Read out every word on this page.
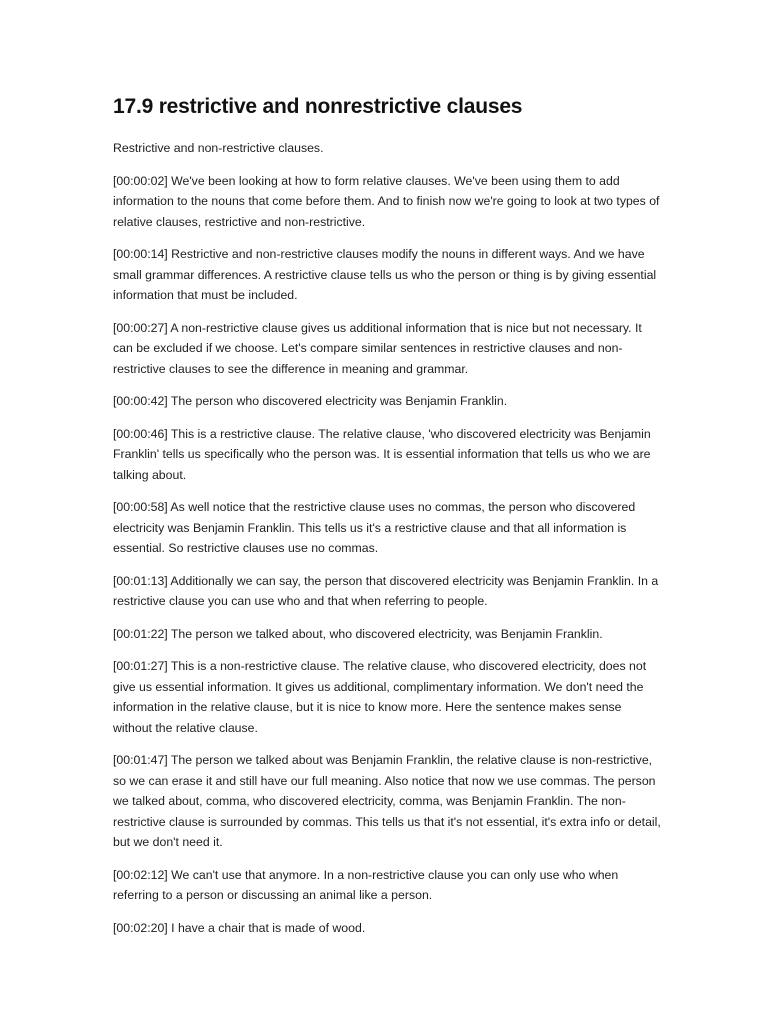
17.9 restrictive and nonrestrictive clauses

Restrictive and non-restrictive clauses.

[00:00:02] We've been looking at how to form relative clauses. We've been using them to add information to the nouns that come before them. And to finish now we're going to look at two types of relative clauses, restrictive and non-restrictive.

[00:00:14] Restrictive and non-restrictive clauses modify the nouns in different ways. And we have small grammar differences. A restrictive clause tells us who the person or thing is by giving essential information that must be included.

[00:00:27] A non-restrictive clause gives us additional information that is nice but not necessary. It can be excluded if we choose. Let's compare similar sentences in restrictive clauses and non-restrictive clauses to see the difference in meaning and grammar.

[00:00:42] The person who discovered electricity was Benjamin Franklin.

[00:00:46] This is a restrictive clause. The relative clause, 'who discovered electricity was Benjamin Franklin' tells us specifically who the person was. It is essential information that tells us who we are talking about.

[00:00:58] As well notice that the restrictive clause uses no commas, the person who discovered electricity was Benjamin Franklin. This tells us it's a restrictive clause and that all information is essential. So restrictive clauses use no commas.

[00:01:13] Additionally we can say, the person that discovered electricity was Benjamin Franklin. In a restrictive clause you can use who and that when referring to people.

[00:01:22] The person we talked about, who discovered electricity, was Benjamin Franklin.

[00:01:27] This is a non-restrictive clause. The relative clause, who discovered electricity, does not give us essential information. It gives us additional, complimentary information. We don't need the information in the relative clause, but it is nice to know more. Here the sentence makes sense without the relative clause.

[00:01:47] The person we talked about was Benjamin Franklin, the relative clause is non-restrictive, so we can erase it and still have our full meaning. Also notice that now we use commas. The person we talked about, comma, who discovered electricity, comma, was Benjamin Franklin. The non-restrictive clause is surrounded by commas. This tells us that it's not essential, it's extra info or detail, but we don't need it.

[00:02:12] We can't use that anymore. In a non-restrictive clause you can only use who when referring to a person or discussing an animal like a person.

[00:02:20] I have a chair that is made of wood.
